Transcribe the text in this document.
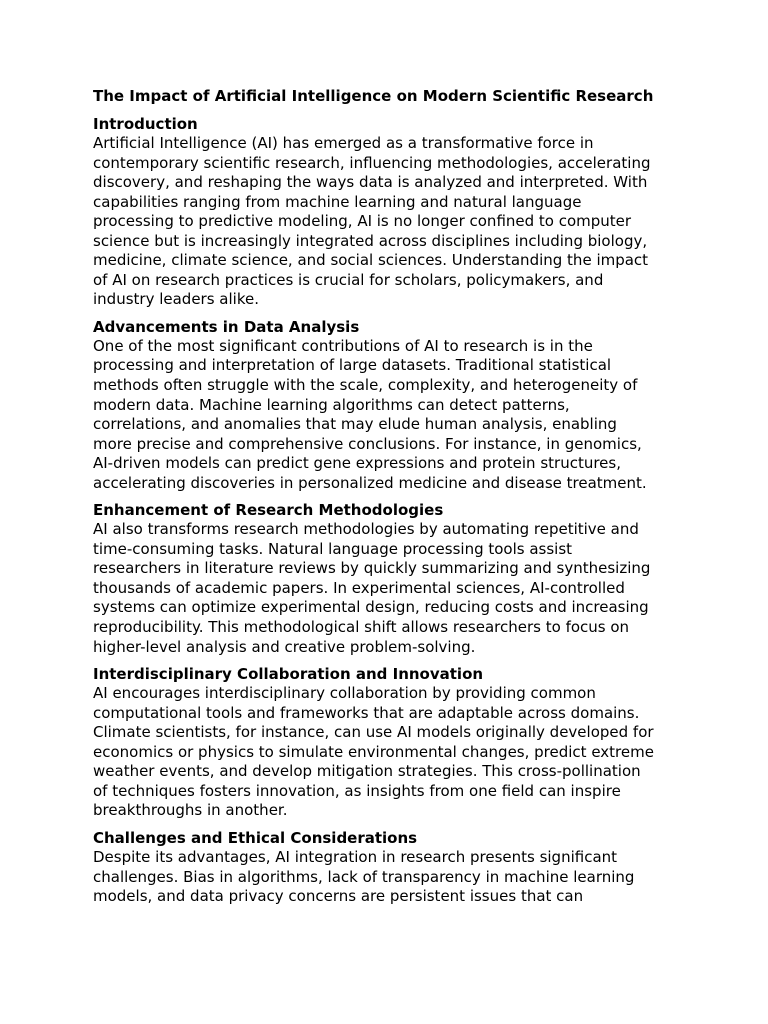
The Impact of Artificial Intelligence on Modern Scientific Research
Introduction
Artificial Intelligence (AI) has emerged as a transformative force in
contemporary scientific research, influencing methodologies, accelerating
discovery, and reshaping the ways data is analyzed and interpreted. With
capabilities ranging from machine learning and natural language
processing to predictive modeling, AI is no longer confined to computer
science but is increasingly integrated across disciplines including biology,
medicine, climate science, and social sciences. Understanding the impact
of AI on research practices is crucial for scholars, policymakers, and
industry leaders alike.
Advancements in Data Analysis
One of the most significant contributions of AI to research is in the
processing and interpretation of large datasets. Traditional statistical
methods often struggle with the scale, complexity, and heterogeneity of
modern data. Machine learning algorithms can detect patterns,
correlations, and anomalies that may elude human analysis, enabling
more precise and comprehensive conclusions. For instance, in genomics,
AI-driven models can predict gene expressions and protein structures,
accelerating discoveries in personalized medicine and disease treatment.
Enhancement of Research Methodologies
AI also transforms research methodologies by automating repetitive and
time-consuming tasks. Natural language processing tools assist
researchers in literature reviews by quickly summarizing and synthesizing
thousands of academic papers. In experimental sciences, AI-controlled
systems can optimize experimental design, reducing costs and increasing
reproducibility. This methodological shift allows researchers to focus on
higher-level analysis and creative problem-solving.
Interdisciplinary Collaboration and Innovation
AI encourages interdisciplinary collaboration by providing common
computational tools and frameworks that are adaptable across domains.
Climate scientists, for instance, can use AI models originally developed for
economics or physics to simulate environmental changes, predict extreme
weather events, and develop mitigation strategies. This cross-pollination
of techniques fosters innovation, as insights from one field can inspire
breakthroughs in another.
Challenges and Ethical Considerations
Despite its advantages, AI integration in research presents significant
challenges. Bias in algorithms, lack of transparency in machine learning
models, and data privacy concerns are persistent issues that can
